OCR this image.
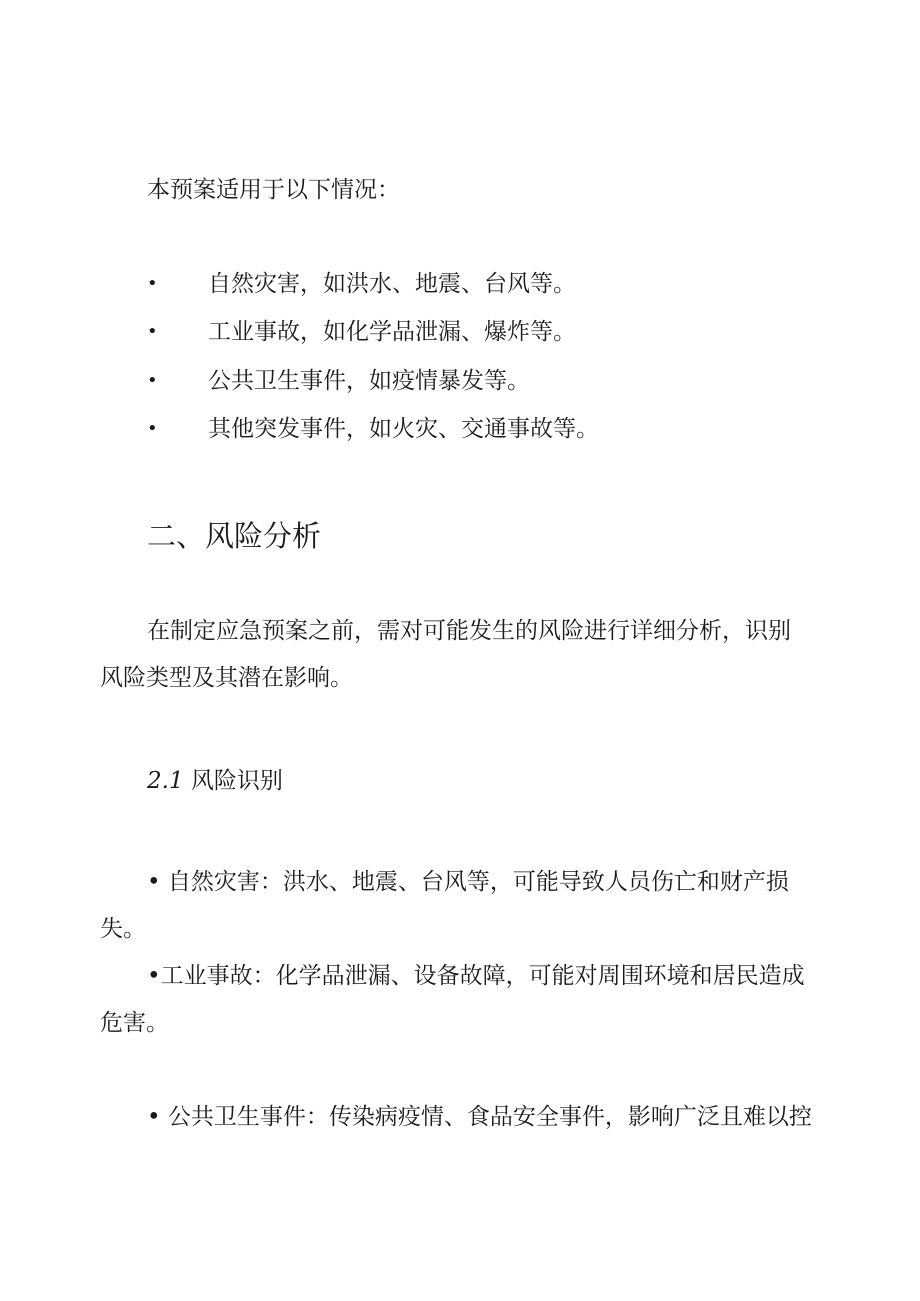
本预案适用于以下情况：

• 自然灾害，如洪水、地震、台风等。
• 工业事故，如化学品泄漏、爆炸等。
• 公共卫生事件，如疫情暴发等。
• 其他突发事件，如火灾、交通事故等。
二、风险分析

在制定应急预案之前，需对可能发生的风险进行详细分析，识别

风险类型及其潜在影响。

2.1 风险识别

• 自然灾害：洪水、地震、台风等，可能导致人员伤亡和财产损

失。

•工业事故：化学品泄漏、设备故障，可能对周围环境和居民造成

危害。

• 公共卫生事件：传染病疫情、食品安全事件，影响广泛且难以控
